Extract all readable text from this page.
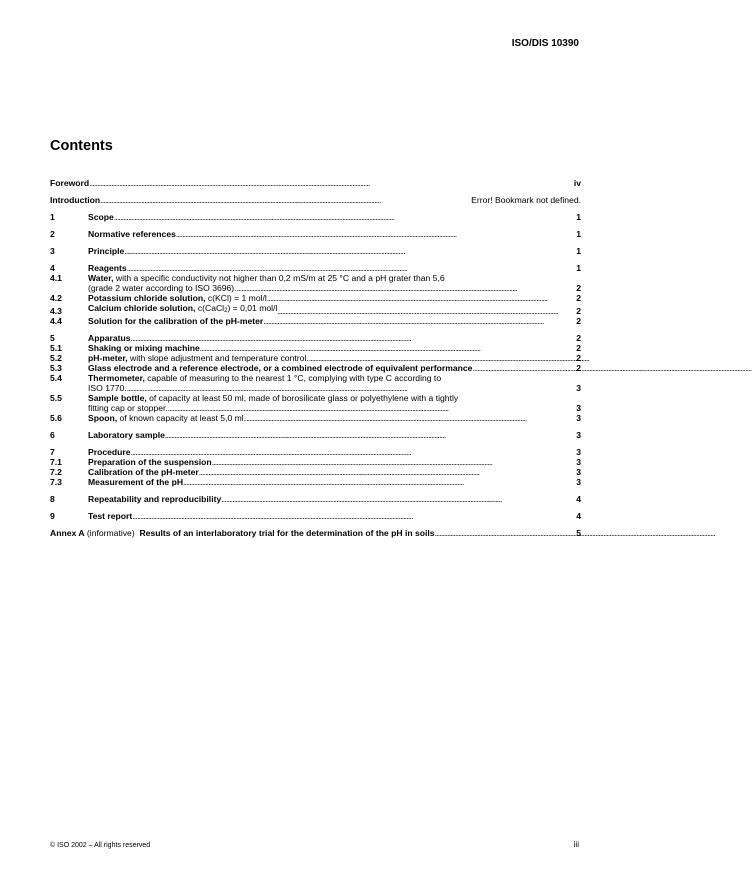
ISO/DIS 10390
Contents
Foreword . . .	iv
Introduction . . .	Error! Bookmark not defined.
1	Scope . . .	1
2	Normative references . . .	1
3	Principle . . .	1
4	Reagents . . .	1
4.1	Water, with a specific conductivity not higher than 0,2 mS/m at 25 °C and a pH grater than 5,6
(grade 2 water according to ISO 3696). . . .	2
4.2	Potassium chloride solution, c(KCl) = 1 mol/l . . .	2
4.3	Calcium chloride solution, c(CaCl$_2$) = 0,01 mol/l . . .	2
4.4	Solution for the calibration of the pH-meter . . .	2
5	Apparatus . . .	2
5.1	Shaking or mixing machine . . .	2
5.2	pH-meter, with slope adjustment and temperature control. . . .	2
5.3	Glass electrode and a reference electrode, or a combined electrode of equivalent performance . . .	2
5.4	Thermometer, capable of measuring to the nearest 1 °C, complying with type C according to
ISO 1770. . . .	3
5.5	Sample bottle, of capacity at least 50 ml, made of borosilicate glass or polyethylene with a tightly
fitting cap or stopper. . . .	3
5.6	Spoon, of known capacity at least 5,0 ml. . . .	3
6	Laboratory sample . . .	3
7	Procedure . . .	3
7.1	Preparation of the suspension . . .	3
7.2	Calibration of the pH-meter . . .	3
7.3	Measurement of the pH . . .	3
8	Repeatability and reproducibility . . .	4
9	Test report . . .	4
Annex A (informative)  Results of an interlaboratory trial for the determination of the pH in soils . . .	5
© ISO 2002 – All rights reserved	iii
